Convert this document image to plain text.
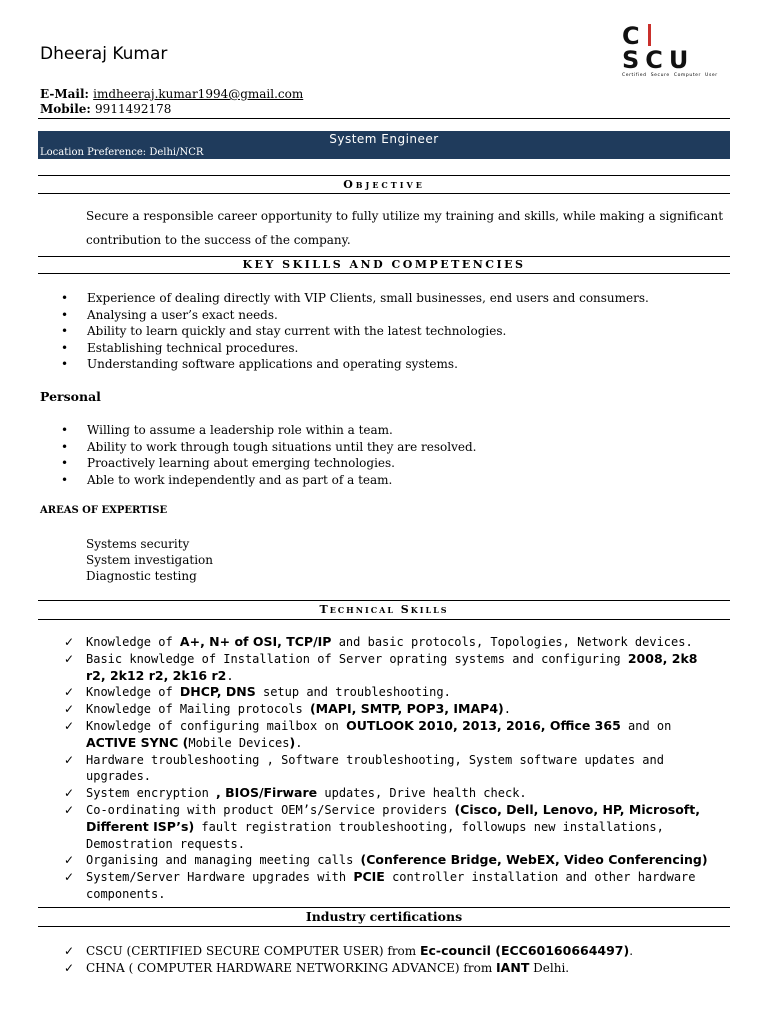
Dheeraj Kumar
CSCU
Certified  Secure  Computer  User
E-Mail: imdheeraj.kumar1994@gmail.com
Mobile: 9911492178
System Engineer
Location Preference: Delhi/NCR
Objective
Secure a responsible career opportunity to fully utilize my training and skills, while making a significant contribution to the success of the company.
KEY SKILLS AND COMPETENCIES
• Experience of dealing directly with VIP Clients, small businesses, end users and consumers.
• Analysing a user’s exact needs.
• Ability to learn quickly and stay current with the latest technologies.
• Establishing technical procedures.
• Understanding software applications and operating systems.
Personal
• Willing to assume a leadership role within a team.
• Ability to work through tough situations until they are resolved.
• Proactively learning about emerging technologies.
• Able to work independently and as part of a team.
AREAS OF EXPERTISE
Systems security
System investigation
Diagnostic testing
Technical Skills
✓ Knowledge of A+, N+ of OSI, TCP/IP and basic protocols, Topologies, Network devices.
✓ Basic knowledge of Installation of Server oprating systems and configuring 2008, 2k8 r2, 2k12 r2, 2k16 r2.
✓ Knowledge of DHCP, DNS setup and troubleshooting.
✓ Knowledge of Mailing protocols (MAPI, SMTP, POP3, IMAP4).
✓ Knowledge of configuring mailbox on OUTLOOK 2010, 2013, 2016, Office 365 and on ACTIVE SYNC (Mobile Devices).
✓ Hardware troubleshooting , Software troubleshooting, System software updates and upgrades.
✓ System encryption , BIOS/Firware updates, Drive health check.
✓ Co-ordinating with product OEM’s/Service providers (Cisco, Dell, Lenovo, HP, Microsoft, Different ISP’s) fault registration troubleshooting, followups new installations, Demostration requests.
✓ Organising and managing meeting calls (Conference Bridge, WebEX, Video Conferencing)
✓ System/Server Hardware upgrades with PCIE controller installation and other hardware components.
Industry certifications
✓ CSCU (CERTIFIED SECURE COMPUTER USER) from Ec-council (ECC60160664497).
✓ CHNA ( COMPUTER HARDWARE NETWORKING ADVANCE) from IANT Delhi.
